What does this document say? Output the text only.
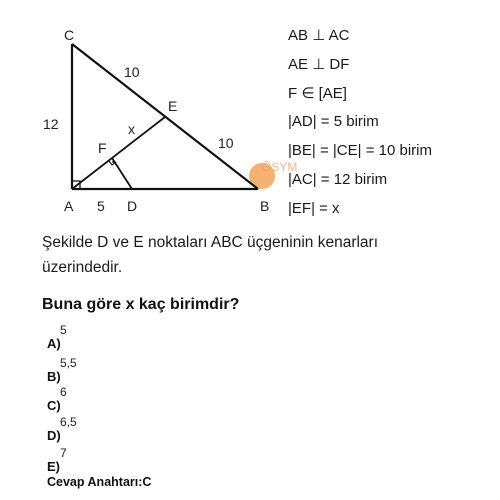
ÖSYM
C
E
F
A	D	B
12
10
10
5
x
AB ⊥ AC
AE ⊥ DF
F ∈ [AE]
|AD| = 5 birim
|BE| = |CE| = 10 birim
|AC| = 12 birim
|EF| = x
Şekilde D ve E noktaları ABC üçgeninin kenarları
üzerindedir.
Buna göre x kaç birimdir?
5
A)
5,5
B)
6
C)
6,5
D)
7
E)
Cevap Anahtarı:C
